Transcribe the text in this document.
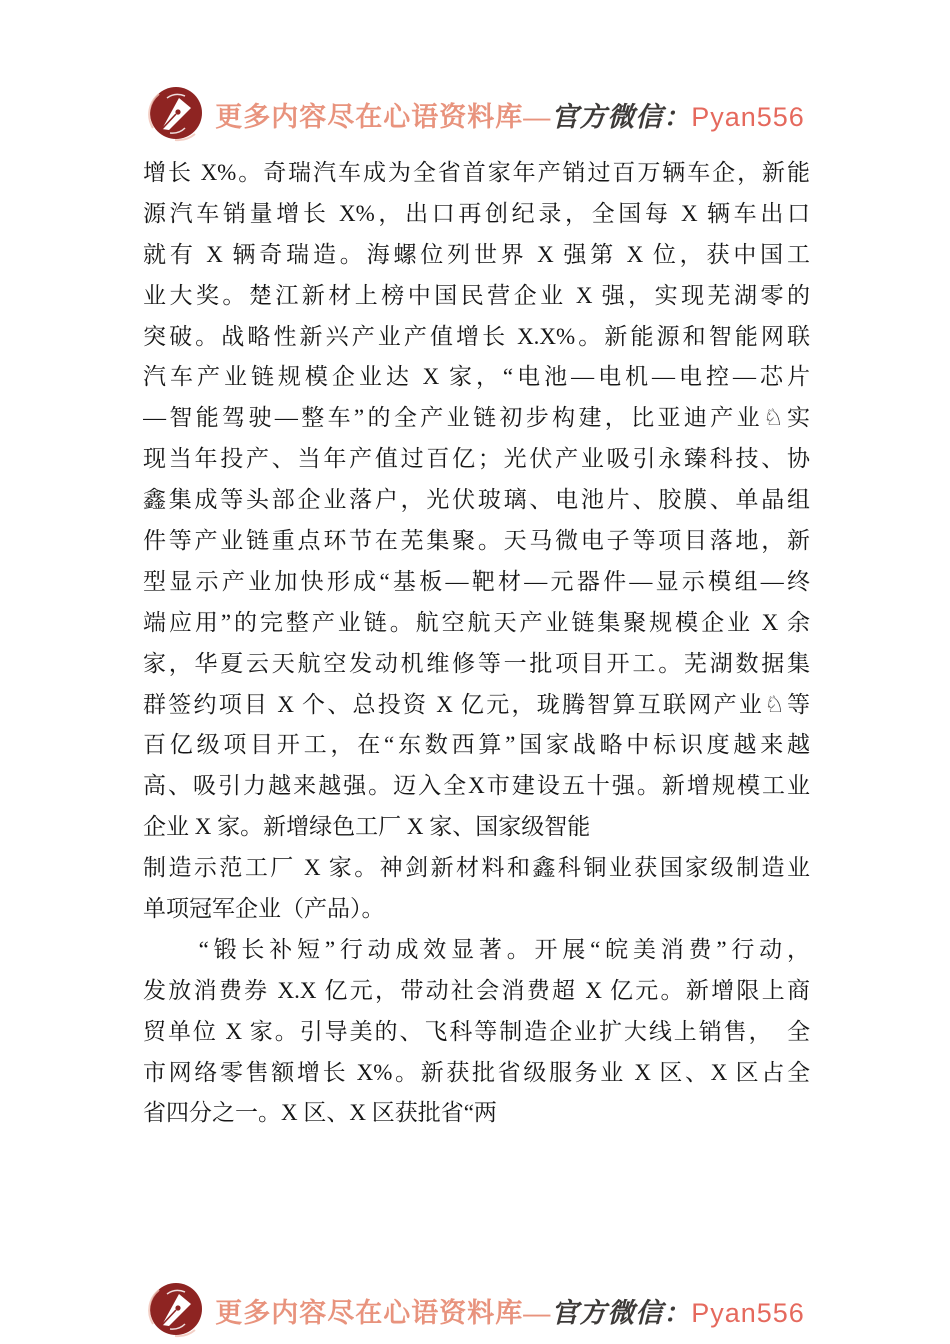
更多内容尽在心语资料库—官方微信：Pyan556
增长 X%。奇瑞汽车成为全省首家年产销过百万辆车企，新能
源汽车销量增长 X%，出口再创纪录，全国每 X 辆车出口
就有 X 辆奇瑞造。海螺位列世界 X 强第 X 位，获中国工
业大奖。楚江新材上榜中国民营企业 X 强，实现芜湖零的
突破。战略性新兴产业产值增长 X.X%。新能源和智能网联
汽车产业链规模企业达 X 家，“电池—电机—电控—芯片
—智能驾驶—整车”的全产业链初步构建，比亚迪产业♘实
现当年投产、当年产值过百亿；光伏产业吸引永臻科技、协
鑫集成等头部企业落户，光伏玻璃、电池片、胶膜、单晶组
件等产业链重点环节在芜集聚。天马微电子等项目落地，新
型显示产业加快形成“基板—靶材—元器件—显示模组—终
端应用”的完整产业链。航空航天产业链集聚规模企业 X 余
家，华夏云天航空发动机维修等一批项目开工。芜湖数据集
群签约项目 X 个、总投资 X 亿元，珑腾智算互联网产业♘等
百亿级项目开工，在“东数西算”国家战略中标识度越来越
高、吸引力越来越强。迈入全X市建设五十强。新增规模工业
企业 X 家。新增绿色工厂 X 家、国家级智能
制造示范工厂 X 家。神剑新材料和鑫科铜业获国家级制造业
单项冠军企业（产品）。
　　“锻长补短”行动成效显著。开展“皖美消费”行动，
发放消费券 X.X 亿元，带动社会消费超 X 亿元。新增限上商
贸单位 X 家。引导美的、飞科等制造企业扩大线上销售，　全
市网络零售额增长 X%。新获批省级服务业 X 区、X 区占全
省四分之一。X 区、X 区获批省“两
更多内容尽在心语资料库—官方微信：Pyan556
